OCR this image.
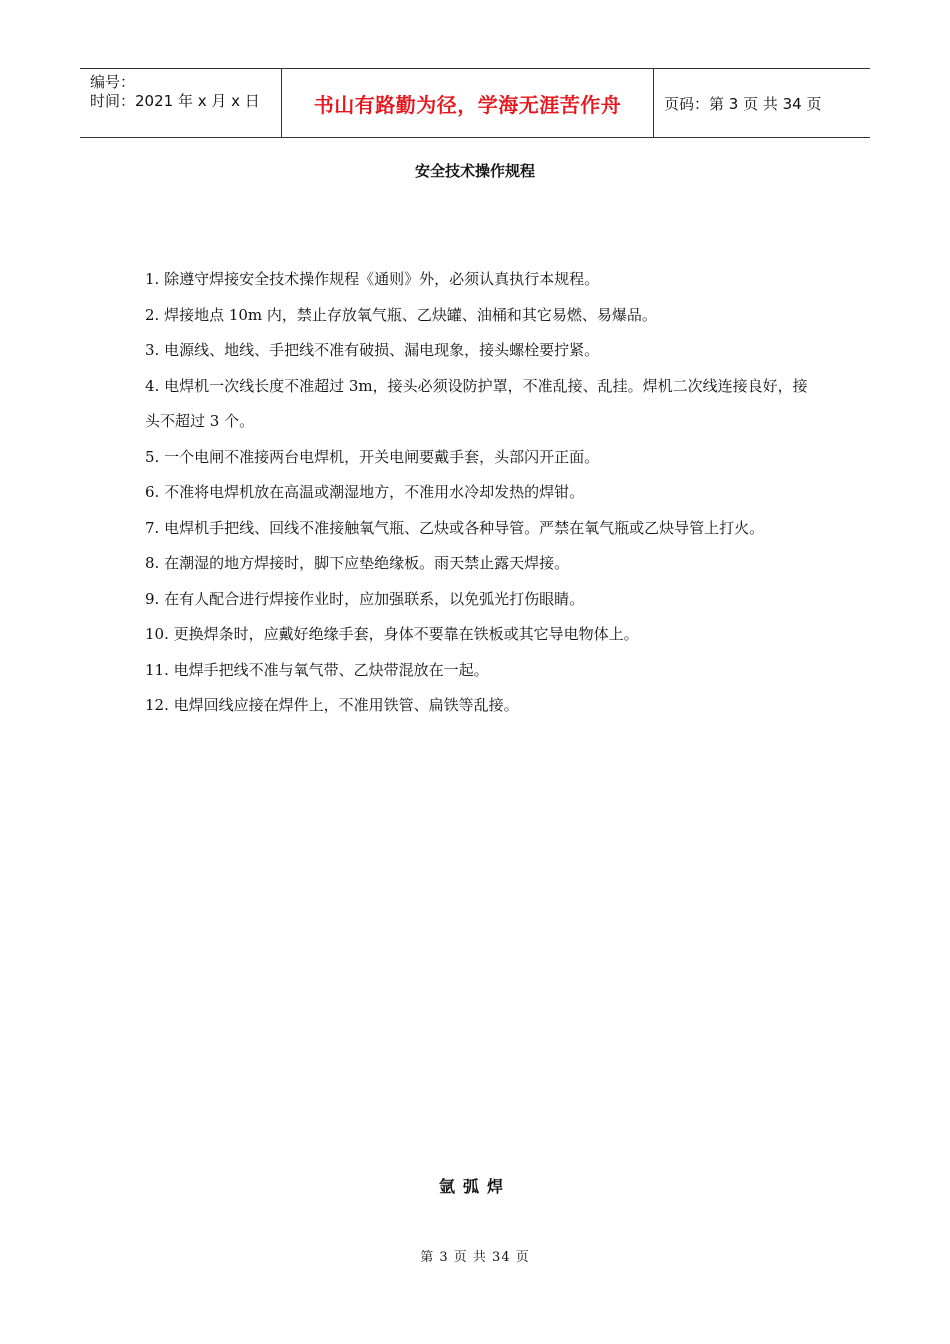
编号：
时间：2021 年 x 月 x 日	书山有路勤为径，学海无涯苦作舟	页码：第 3 页 共 34 页
安全技术操作规程

1. 除遵守焊接安全技术操作规程《通则》外，必须认真执行本规程。

2. 焊接地点 10m 内，禁止存放氧气瓶、乙炔罐、油桶和其它易燃、易爆品。

3. 电源线、地线、手把线不准有破损、漏电现象，接头螺栓要拧紧。

4. 电焊机一次线长度不准超过 3m，接头必须设防护罩，不准乱接、乱挂。焊机二次线连接良好，接头不超过 3 个。

5. 一个电闸不准接两台电焊机，开关电闸要戴手套，头部闪开正面。

6. 不准将电焊机放在高温或潮湿地方，不准用水冷却发热的焊钳。

7. 电焊机手把线、回线不准接触氧气瓶、乙炔或各种导管。严禁在氧气瓶或乙炔导管上打火。

8. 在潮湿的地方焊接时，脚下应垫绝缘板。雨天禁止露天焊接。

9. 在有人配合进行焊接作业时，应加强联系，以免弧光打伤眼睛。

10. 更换焊条时，应戴好绝缘手套，身体不要靠在铁板或其它导电物体上。

11. 电焊手把线不准与氧气带、乙炔带混放在一起。

12. 电焊回线应接在焊件上，不准用铁管、扁铁等乱接。

氩弧焊
第 3 页 共 34 页
